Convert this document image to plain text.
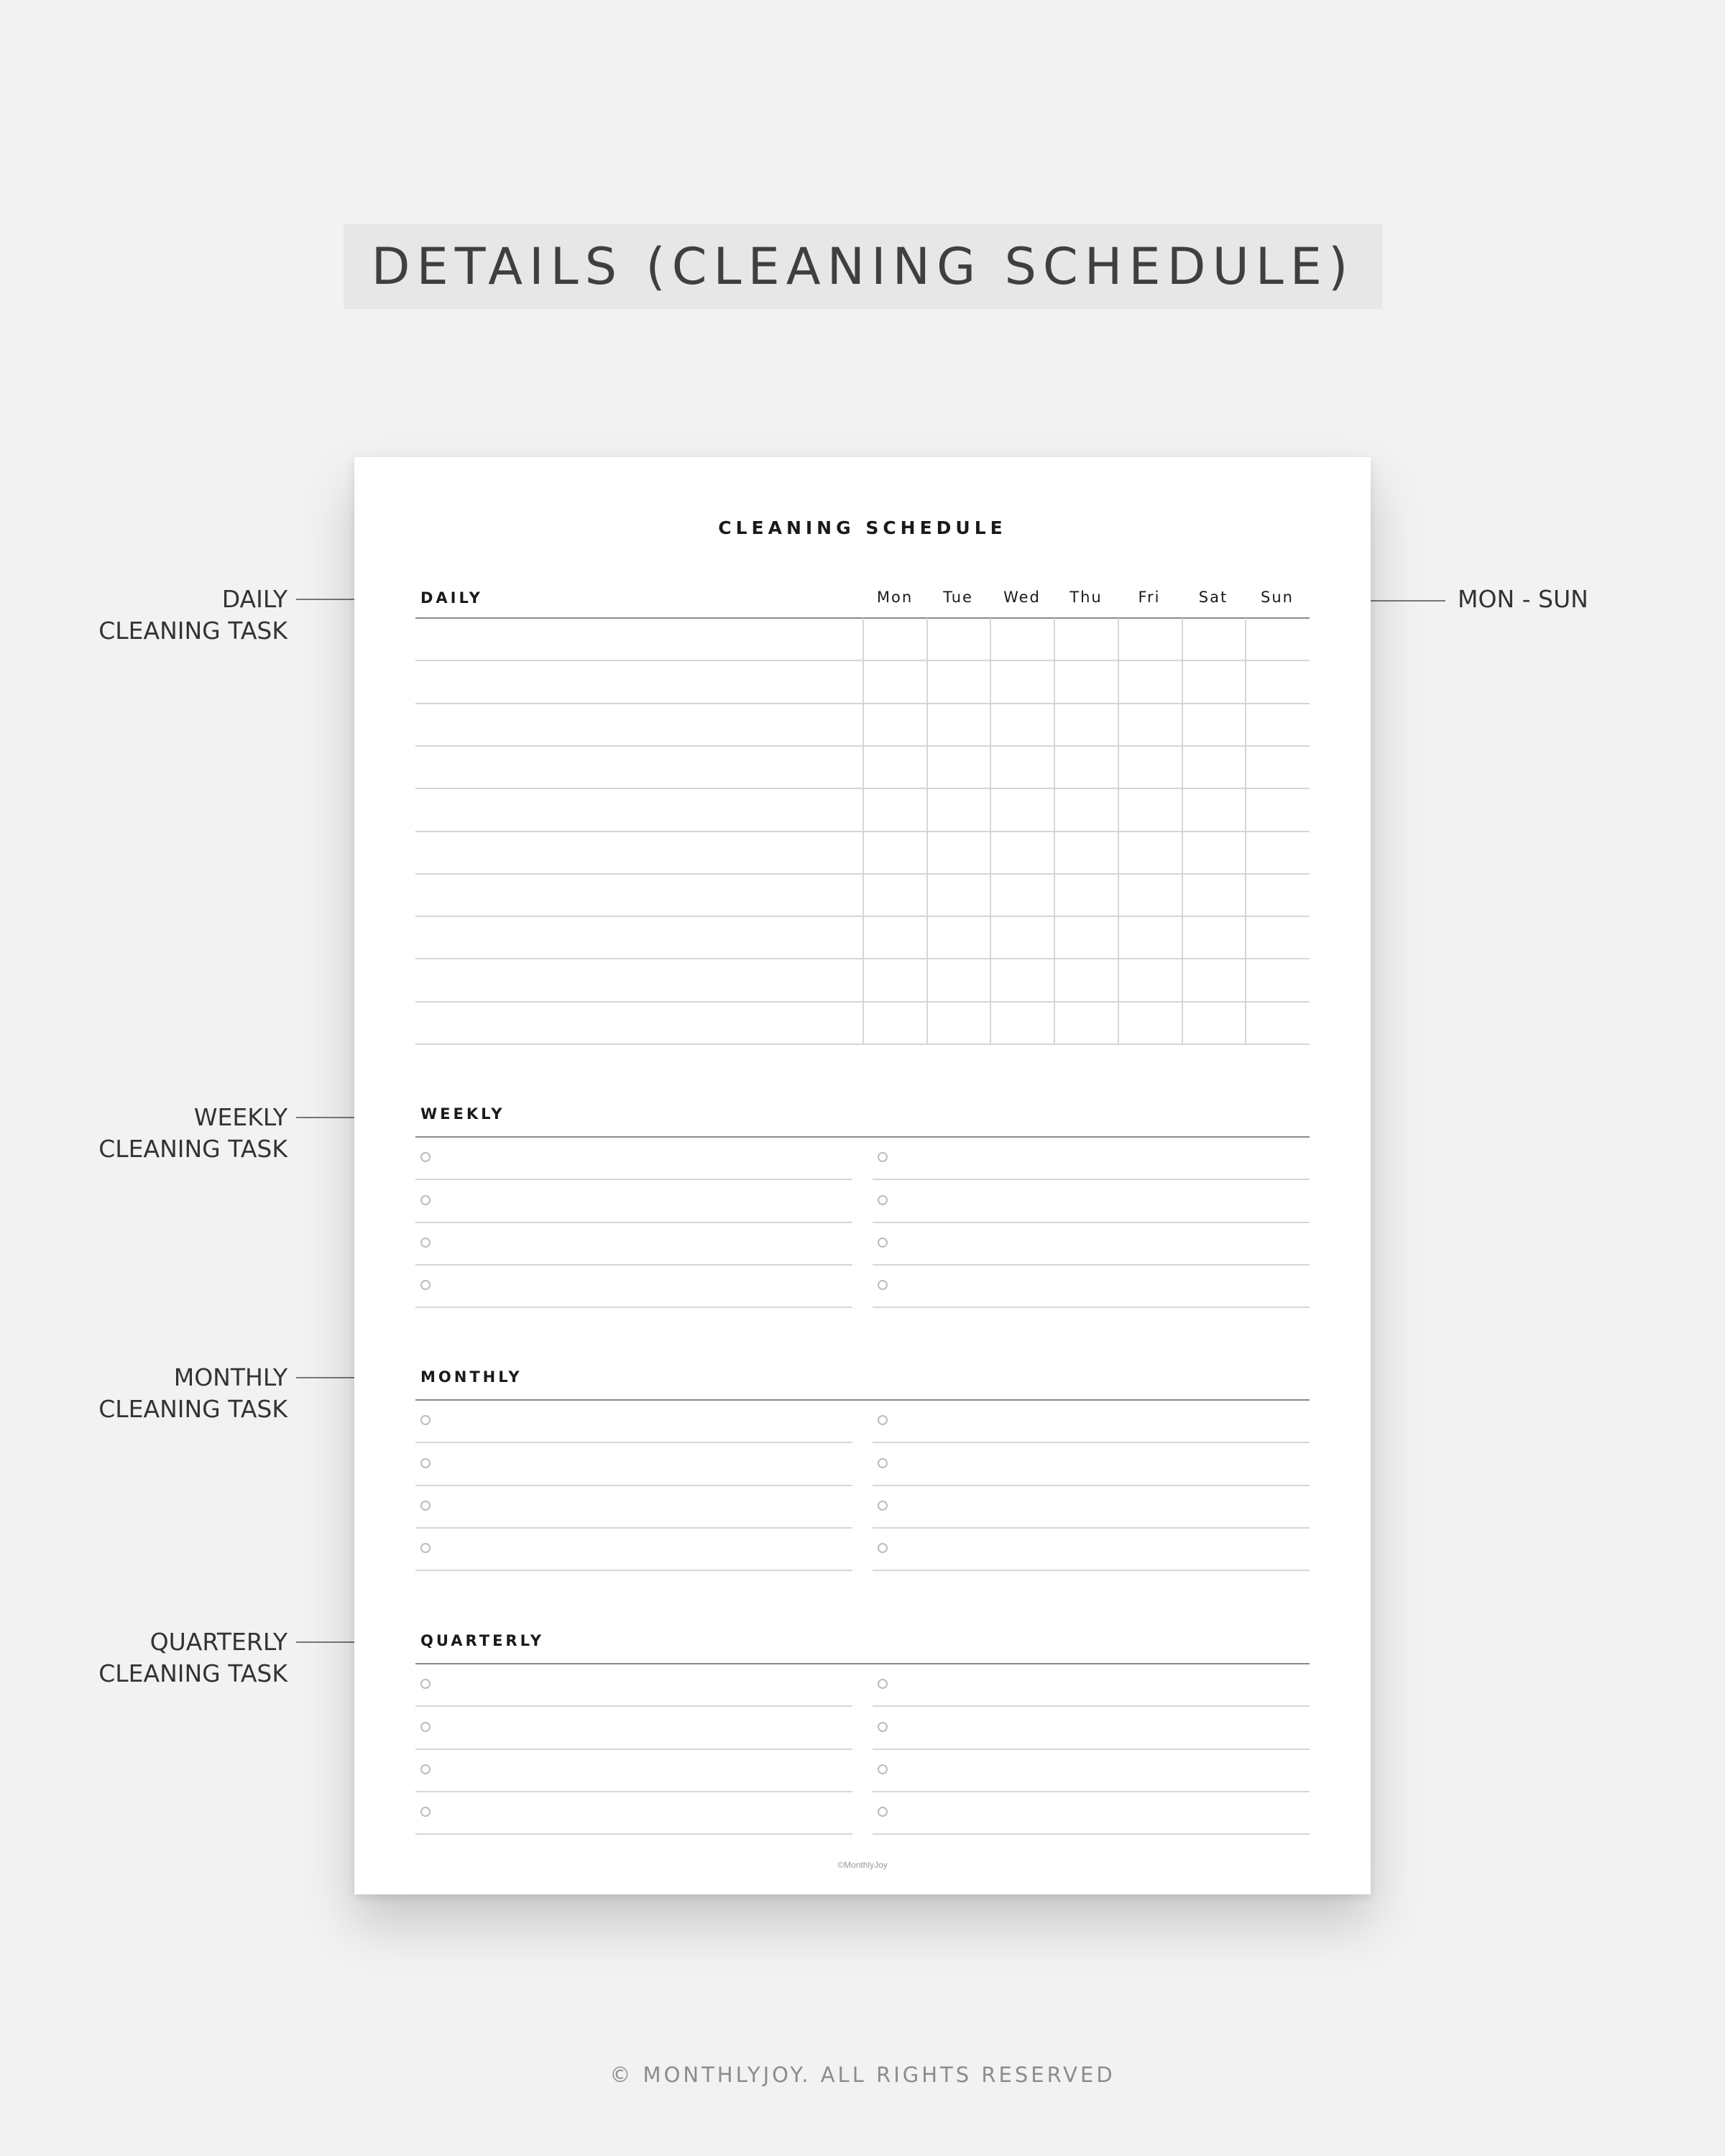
DETAILS (CLEANING SCHEDULE)
DAILY
CLEANING TASK
WEEKLY
CLEANING TASK
MONTHLY
CLEANING TASK
QUARTERLY
CLEANING TASK
MON - SUN
CLEANING SCHEDULE
DAILY	Mon	Tue	Wed	Thu	Fri	Sat	Sun
WEEKLY
MONTHLY
QUARTERLY
©MonthlyJoy
© MONTHLYJOY. ALL RIGHTS RESERVED
